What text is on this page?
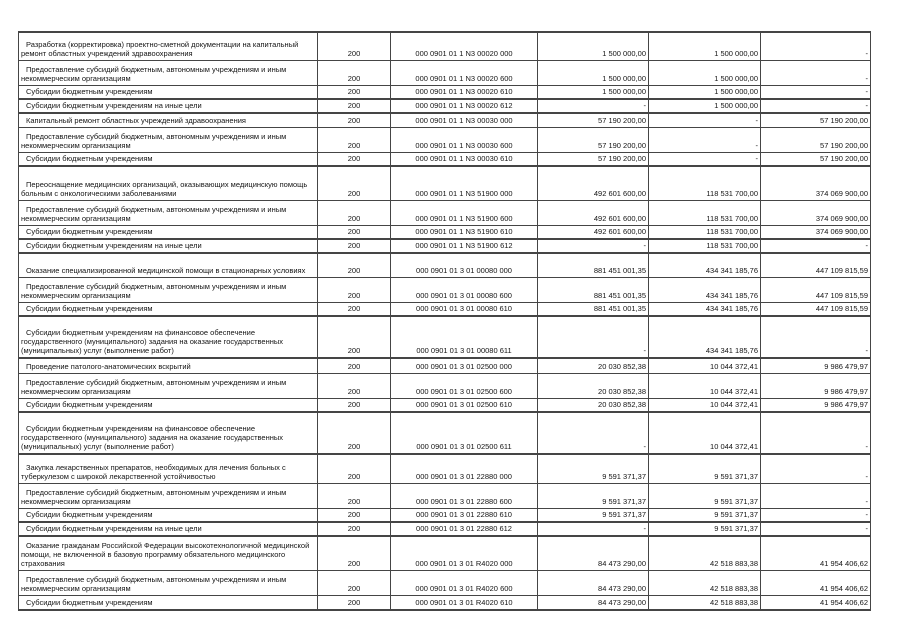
Разработка (корректировка) проектно-сметной документации на капитальный ремонт областных учреждений здравоохранения	200	000 0901 01 1 N3 00020 000	1 500 000,00	1 500 000,00	-
Предоставление субсидий бюджетным, автономным учреждениям и иным некоммерческим организациям	200	000 0901 01 1 N3 00020 600	1 500 000,00	1 500 000,00	-
Субсидии бюджетным учреждениям	200	000 0901 01 1 N3 00020 610	1 500 000,00	1 500 000,00	-
Субсидии бюджетным учреждениям на иные цели	200	000 0901 01 1 N3 00020 612	-	1 500 000,00	-
Капитальный ремонт областных учреждений здравоохранения	200	000 0901 01 1 N3 00030 000	57 190 200,00	-	57 190 200,00
Предоставление субсидий бюджетным, автономным учреждениям и иным некоммерческим организациям	200	000 0901 01 1 N3 00030 600	57 190 200,00	-	57 190 200,00
Субсидии бюджетным учреждениям	200	000 0901 01 1 N3 00030 610	57 190 200,00	-	57 190 200,00
Переоснащение медицинских организаций, оказывающих медицинскую помощь больным с онкологическими заболеваниями	200	000 0901 01 1 N3 51900 000	492 601 600,00	118 531 700,00	374 069 900,00
Предоставление субсидий бюджетным, автономным учреждениям и иным некоммерческим организациям	200	000 0901 01 1 N3 51900 600	492 601 600,00	118 531 700,00	374 069 900,00
Субсидии бюджетным учреждениям	200	000 0901 01 1 N3 51900 610	492 601 600,00	118 531 700,00	374 069 900,00
Субсидии бюджетным учреждениям на иные цели	200	000 0901 01 1 N3 51900 612	-	118 531 700,00	-
Оказание специализированной медицинской помощи в стационарных условиях	200	000 0901 01 3 01 00080 000	881 451 001,35	434 341 185,76	447 109 815,59
Предоставление субсидий бюджетным, автономным учреждениям и иным некоммерческим организациям	200	000 0901 01 3 01 00080 600	881 451 001,35	434 341 185,76	447 109 815,59
Субсидии бюджетным учреждениям	200	000 0901 01 3 01 00080 610	881 451 001,35	434 341 185,76	447 109 815,59
Субсидии бюджетным учреждениям на финансовое обеспечение государственного (муниципального) задания на оказание государственных (муниципальных) услуг (выполнение работ)	200	000 0901 01 3 01 00080 611	-	434 341 185,76	-
Проведение патолого-анатомических вскрытий	200	000 0901 01 3 01 02500 000	20 030 852,38	10 044 372,41	9 986 479,97
Предоставление субсидий бюджетным, автономным учреждениям и иным некоммерческим организациям	200	000 0901 01 3 01 02500 600	20 030 852,38	10 044 372,41	9 986 479,97
Субсидии бюджетным учреждениям	200	000 0901 01 3 01 02500 610	20 030 852,38	10 044 372,41	9 986 479,97
Субсидии бюджетным учреждениям на финансовое обеспечение государственного (муниципального) задания на оказание государственных (муниципальных) услуг (выполнение работ)	200	000 0901 01 3 01 02500 611	-	10 044 372,41	-
Закупка лекарственных препаратов, необходимых для лечения больных с туберкулезом с широкой лекарственной устойчивостью	200	000 0901 01 3 01 22880 000	9 591 371,37	9 591 371,37	-
Предоставление субсидий бюджетным, автономным учреждениям и иным некоммерческим организациям	200	000 0901 01 3 01 22880 600	9 591 371,37	9 591 371,37	-
Субсидии бюджетным учреждениям	200	000 0901 01 3 01 22880 610	9 591 371,37	9 591 371,37	-
Субсидии бюджетным учреждениям на иные цели	200	000 0901 01 3 01 22880 612	-	9 591 371,37	-
Оказание гражданам Российской Федерации высокотехнологичной медицинской помощи, не включенной в базовую программу обязательного медицинского страхования	200	000 0901 01 3 01 R4020 000	84 473 290,00	42 518 883,38	41 954 406,62
Предоставление субсидий бюджетным, автономным учреждениям и иным некоммерческим организациям	200	000 0901 01 3 01 R4020 600	84 473 290,00	42 518 883,38	41 954 406,62
Субсидии бюджетным учреждениям	200	000 0901 01 3 01 R4020 610	84 473 290,00	42 518 883,38	41 954 406,62
